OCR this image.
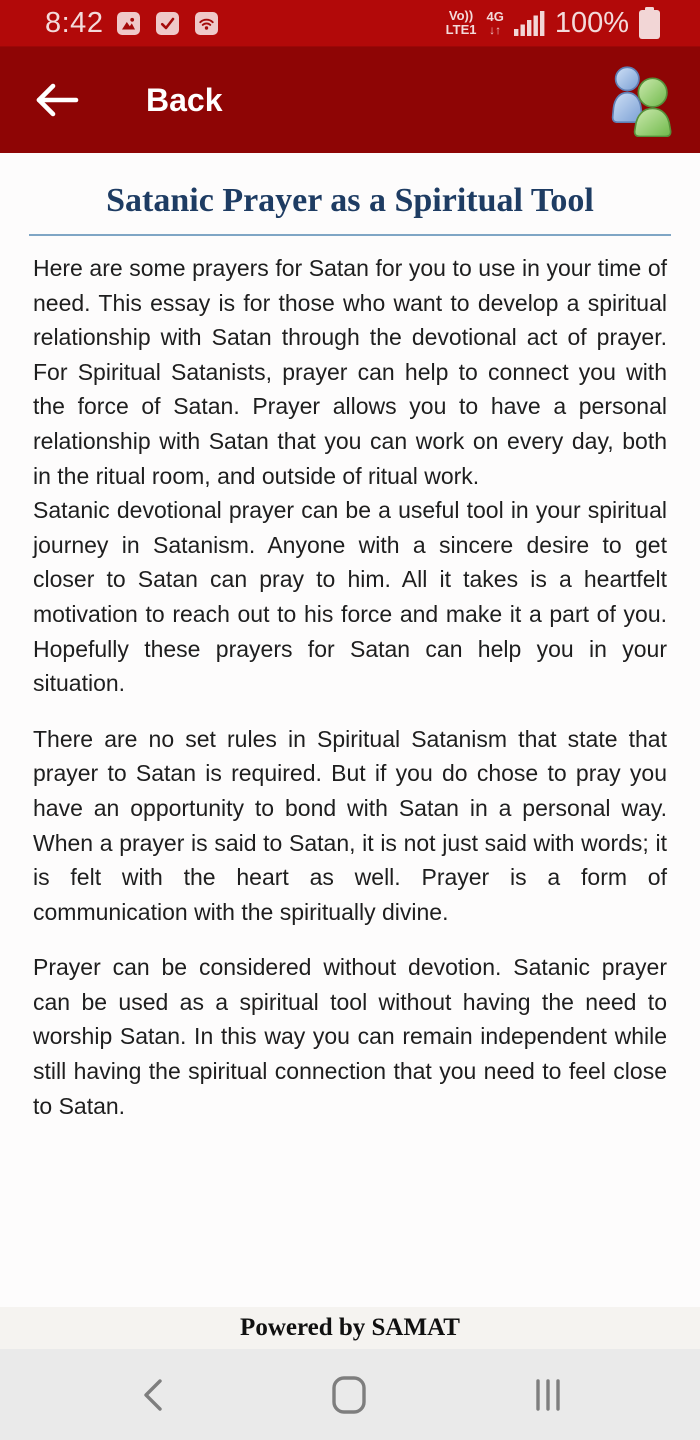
8:42	Vo))
LTE1
4G
↓↑ 100%
Back
Satanic Prayer as a Spiritual Tool

Here are some prayers for Satan for you to use in your time of need. This essay is for those who want to develop a spiritual relationship with Satan through the devotional act of prayer. For Spiritual Satanists, prayer can help to connect you with the force of Satan. Prayer allows you to have a personal relationship with Satan that you can work on every day, both in the ritual room, and outside of ritual work.

Satanic devotional prayer can be a useful tool in your spiritual journey in Satanism. Anyone with a sincere desire to get closer to Satan can pray to him. All it takes is a heartfelt motivation to reach out to his force and make it a part of you. Hopefully these prayers for Satan can help you in your situation.

There are no set rules in Spiritual Satanism that state that prayer to Satan is required. But if you do chose to pray you have an opportunity to bond with Satan in a personal way. When a prayer is said to Satan, it is not just said with words; it is felt with the heart as well. Prayer is a form of communication with the spiritually divine.

Prayer can be considered without devotion. Satanic prayer can be used as a spiritual tool without having the need to worship Satan. In this way you can remain independent while still having the spiritual connection that you need to feel close to Satan.

Powered by SAMAT
